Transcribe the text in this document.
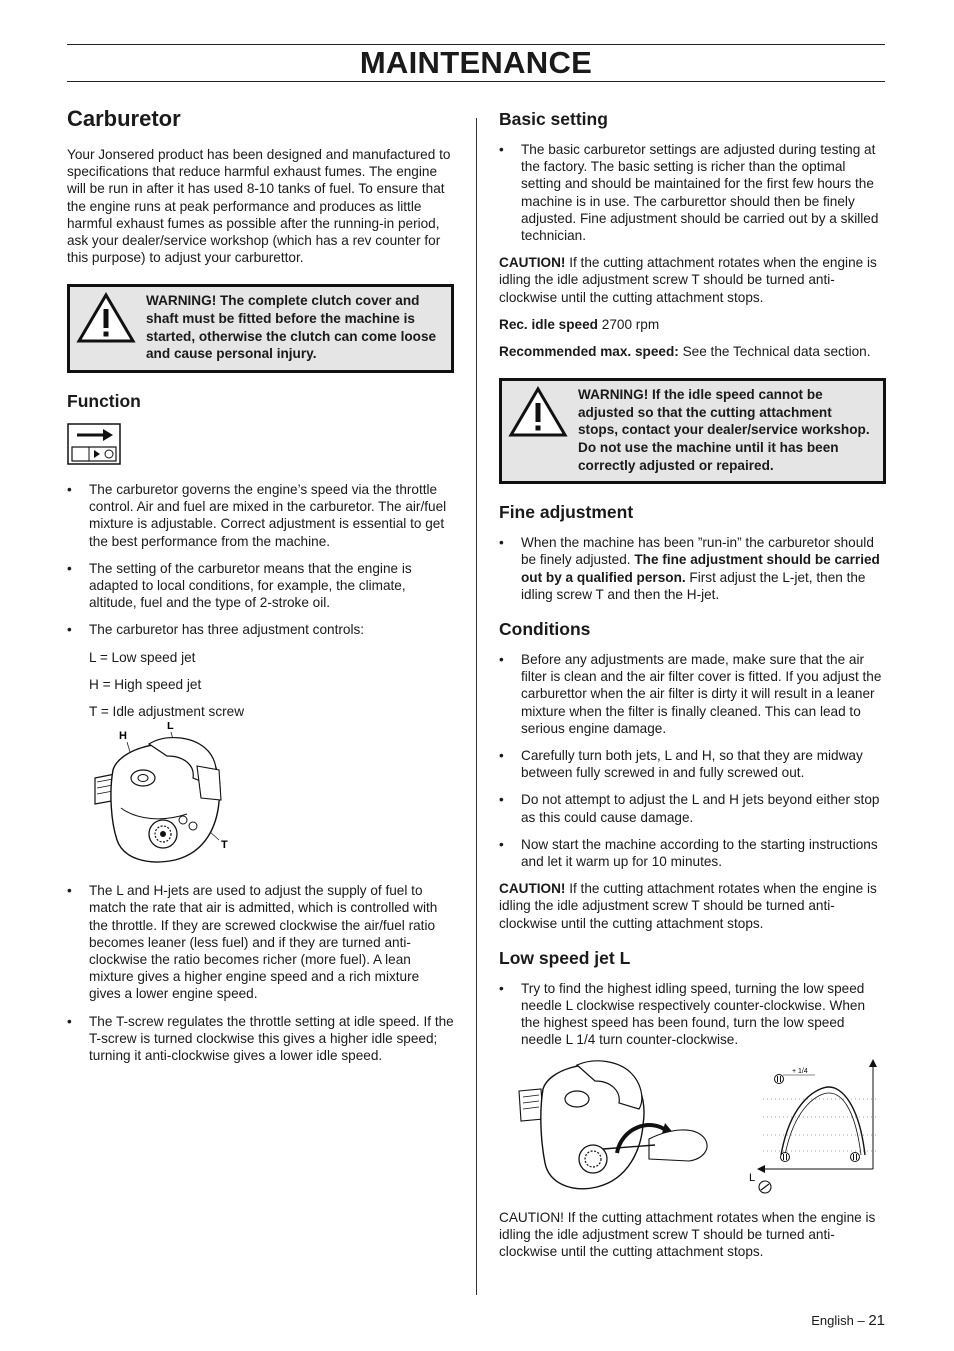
MAINTENANCE
Carburetor

Your Jonsered product has been designed and manufactured to specifications that reduce harmful exhaust fumes. The engine will be run in after it has used 8-10 tanks of fuel. To ensure that the engine runs at peak performance and produces as little harmful exhaust fumes as possible after the running-in period, ask your dealer/service workshop (which has a rev counter for this purpose) to adjust your carburettor.

WARNING! The complete clutch cover and shaft must be fitted before the machine is started, otherwise the clutch can come loose and cause personal injury.
Function
• The carburetor governs the engine’s speed via the throttle control. Air and fuel are mixed in the carburetor. The air/fuel mixture is adjustable. Correct adjustment is essential to get the best performance from the machine.
• The setting of the carburetor means that the engine is adapted to local conditions, for example, the climate, altitude, fuel and the type of 2-stroke oil.
• The carburetor has three adjustment controls:

L = Low speed jet

H = High speed jet

T = Idle adjustment screw

H
L
T
• The L and H-jets are used to adjust the supply of fuel to match the rate that air is admitted, which is controlled with the throttle. If they are screwed clockwise the air/fuel ratio becomes leaner (less fuel) and if they are turned anti-clockwise the ratio becomes richer (more fuel). A lean mixture gives a higher engine speed and a rich mixture gives a lower engine speed.
• The T-screw regulates the throttle setting at idle speed. If the T-screw is turned clockwise this gives a higher idle speed; turning it anti-clockwise gives a lower idle speed.
Basic setting
• The basic carburetor settings are adjusted during testing at the factory. The basic setting is richer than the optimal setting and should be maintained for the first few hours the machine is in use. The carburettor should then be finely adjusted. Fine adjustment should be carried out by a skilled technician.

CAUTION! If the cutting attachment rotates when the engine is idling the idle adjustment screw T should be turned anti-clockwise until the cutting attachment stops.

Rec. idle speed 2700 rpm

Recommended max. speed: See the Technical data section.

WARNING! If the idle speed cannot be adjusted so that the cutting attachment stops, contact your dealer/service workshop. Do not use the machine until it has been correctly adjusted or repaired.
Fine adjustment
• When the machine has been ”run-in” the carburetor should be finely adjusted. The fine adjustment should be carried out by a qualified person. First adjust the L-jet, then the idling screw T and then the H-jet.
Conditions
• Before any adjustments are made, make sure that the air filter is clean and the air filter cover is fitted. If you adjust the carburettor when the air filter is dirty it will result in a leaner mixture when the filter is finally cleaned. This can lead to serious engine damage.
• Carefully turn both jets, L and H, so that they are midway between fully screwed in and fully screwed out.
• Do not attempt to adjust the L and H jets beyond either stop as this could cause damage.
• Now start the machine according to the starting instructions and let it warm up for 10 minutes.

CAUTION! If the cutting attachment rotates when the engine is idling the idle adjustment screw T should be turned anti-clockwise until the cutting attachment stops.

Low speed jet L
• Try to find the highest idling speed, turning the low speed needle L clockwise respectively counter-clockwise. When the highest speed has been found, turn the low speed needle L 1/4 turn counter-clockwise.
+ 1/4
L

CAUTION! If the cutting attachment rotates when the engine is idling the idle adjustment screw T should be turned anti-clockwise until the cutting attachment stops.

English – 21
